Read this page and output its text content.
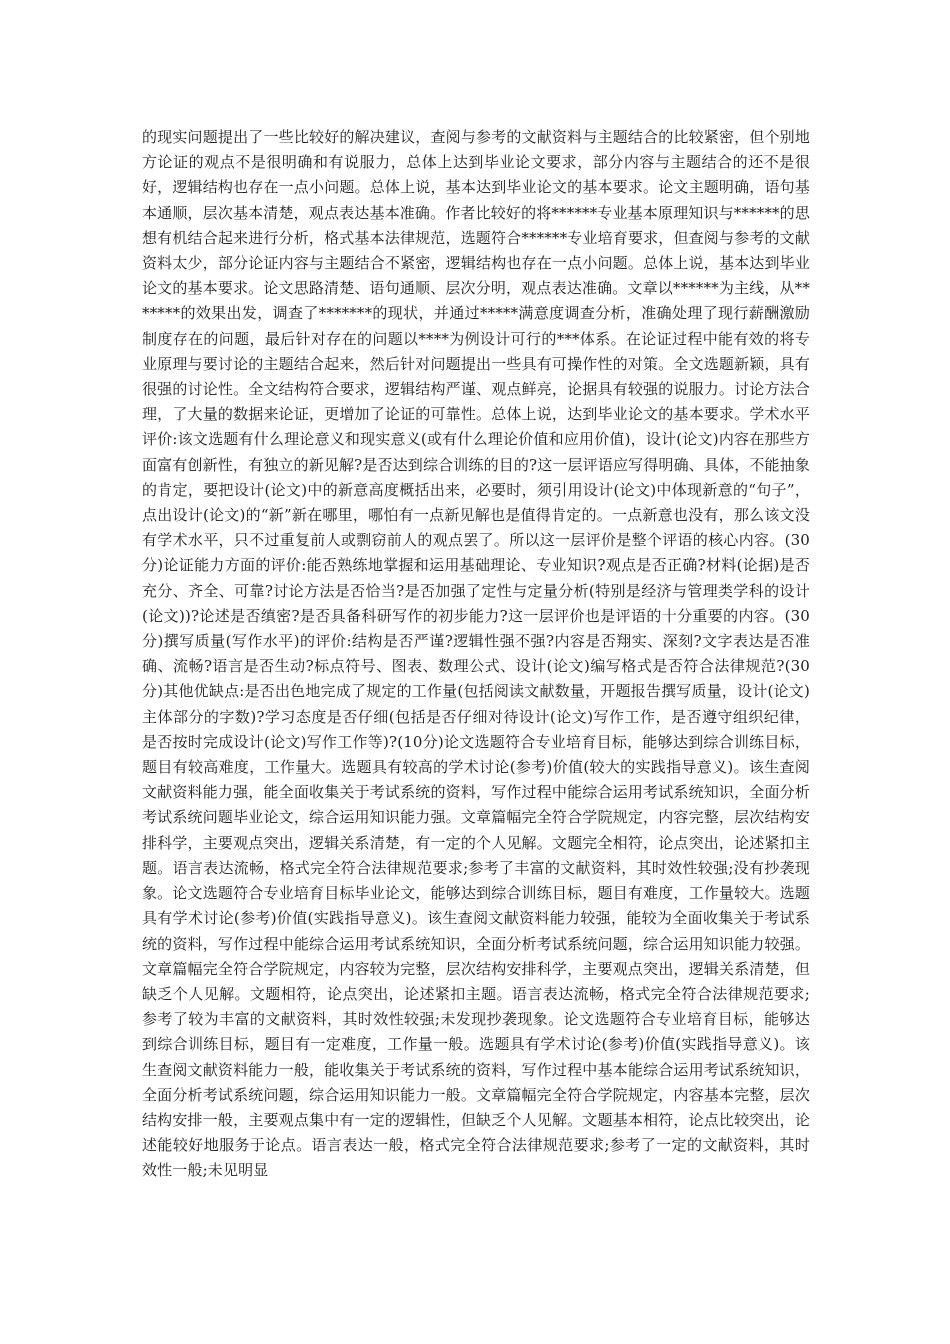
的现实问题提出了一些比较好的解决建议，查阅与参考的文献资料与主题结合的比较紧密，但个别地方论证的观点不是很明确和有说服力，总体上达到毕业论文要求，部分内容与主题结合的还不是很好，逻辑结构也存在一点小问题。总体上说，基本达到毕业论文的基本要求。论文主题明确，语句基本通顺，层次基本清楚，观点表达基本准确。作者比较好的将******专业基本原理知识与******的思想有机结合起来进行分析，格式基本法律规范，选题符合******专业培育要求，但查阅与参考的文献资料太少，部分论证内容与主题结合不紧密，逻辑结构也存在一点小问题。总体上说，基本达到毕业论文的基本要求。论文思路清楚、语句通顺、层次分明，观点表达准确。文章以******为主线，从*******的效果出发，调查了*******的现状，并通过*****满意度调查分析，准确处理了现行薪酬激励制度存在的问题，最后针对存在的问题以****为例设计可行的***体系。在论证过程中能有效的将专业原理与要讨论的主题结合起来，然后针对问题提出一些具有可操作性的对策。全文选题新颖，具有很强的讨论性。全文结构符合要求，逻辑结构严谨、观点鲜亮，论据具有较强的说服力。讨论方法合理，了大量的数据来论证，更增加了论证的可靠性。总体上说，达到毕业论文的基本要求。学术水平评价:该文选题有什么理论意义和现实意义(或有什么理论价值和应用价值)，设计(论文)内容在那些方面富有创新性，有独立的新见解?是否达到综合训练的目的?这一层评语应写得明确、具体，不能抽象的肯定，要把设计(论文)中的新意高度概括出来，必要时，须引用设计(论文)中体现新意的“句子”，点出设计(论文)的“新”新在哪里，哪怕有一点新见解也是值得肯定的。一点新意也没有，那么该文没有学术水平，只不过重复前人或剽窃前人的观点罢了。所以这一层评价是整个评语的核心内容。(30分)论证能力方面的评价:能否熟练地掌握和运用基础理论、专业知识?观点是否正确?材料(论据)是否充分、齐全、可靠?讨论方法是否恰当?是否加强了定性与定量分析(特别是经济与管理类学科的设计(论文))?论述是否缜密?是否具备科研写作的初步能力?这一层评价也是评语的十分重要的内容。(30分)撰写质量(写作水平)的评价:结构是否严谨?逻辑性强不强?内容是否翔实、深刻?文字表达是否准确、流畅?语言是否生动?标点符号、图表、数理公式、设计(论文)编写格式是否符合法律规范?(30分)其他优缺点:是否出色地完成了规定的工作量(包括阅读文献数量，开题报告撰写质量，设计(论文)主体部分的字数)?学习态度是否仔细(包括是否仔细对待设计(论文)写作工作，是否遵守组织纪律，是否按时完成设计(论文)写作工作等)?(10分)论文选题符合专业培育目标，能够达到综合训练目标，题目有较高难度，工作量大。选题具有较高的学术讨论(参考)价值(较大的实践指导意义)。该生查阅文献资料能力强，能全面收集关于考试系统的资料，写作过程中能综合运用考试系统知识，全面分析考试系统问题毕业论文，综合运用知识能力强。文章篇幅完全符合学院规定，内容完整，层次结构安排科学，主要观点突出，逻辑关系清楚，有一定的个人见解。文题完全相符，论点突出，论述紧扣主题。语言表达流畅，格式完全符合法律规范要求;参考了丰富的文献资料，其时效性较强;没有抄袭现象。论文选题符合专业培育目标毕业论文，能够达到综合训练目标，题目有难度，工作量较大。选题具有学术讨论(参考)价值(实践指导意义)。该生查阅文献资料能力较强，能较为全面收集关于考试系统的资料，写作过程中能综合运用考试系统知识，全面分析考试系统问题，综合运用知识能力较强。文章篇幅完全符合学院规定，内容较为完整，层次结构安排科学，主要观点突出，逻辑关系清楚，但缺乏个人见解。文题相符，论点突出，论述紧扣主题。语言表达流畅，格式完全符合法律规范要求;参考了较为丰富的文献资料，其时效性较强;未发现抄袭现象。论文选题符合专业培育目标，能够达到综合训练目标，题目有一定难度，工作量一般。选题具有学术讨论(参考)价值(实践指导意义)。该生查阅文献资料能力一般，能收集关于考试系统的资料，写作过程中基本能综合运用考试系统知识，全面分析考试系统问题，综合运用知识能力一般。文章篇幅完全符合学院规定，内容基本完整，层次结构安排一般，主要观点集中有一定的逻辑性，但缺乏个人见解。文题基本相符，论点比较突出，论述能较好地服务于论点。语言表达一般，格式完全符合法律规范要求;参考了一定的文献资料，其时效性一般;未见明显
